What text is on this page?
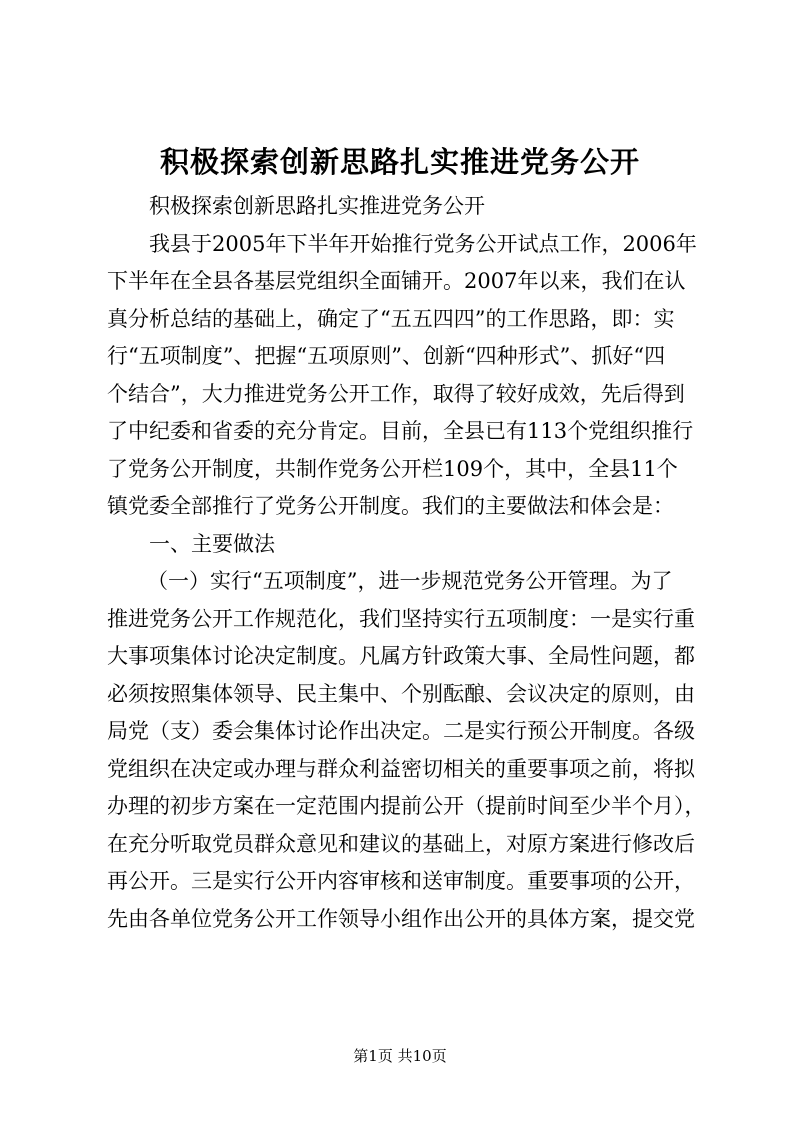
积极探索创新思路扎实推进党务公开
积极探索创新思路扎实推进党务公开
我县于2005年下半年开始推行党务公开试点工作，2006年
下半年在全县各基层党组织全面铺开。2007年以来，我们在认
真分析总结的基础上，确定了“五五四四”的工作思路，即：实
行“五项制度”、把握“五项原则”、创新“四种形式”、抓好“四
个结合”，大力推进党务公开工作，取得了较好成效，先后得到
了中纪委和省委的充分肯定。目前，全县已有113个党组织推行
了党务公开制度，共制作党务公开栏109个，其中，全县11个
镇党委全部推行了党务公开制度。我们的主要做法和体会是：
一、主要做法
（一）实行“五项制度”，进一步规范党务公开管理。为了
推进党务公开工作规范化，我们坚持实行五项制度：一是实行重
大事项集体讨论决定制度。凡属方针政策大事、全局性问题，都
必须按照集体领导、民主集中、个别酝酿、会议决定的原则，由
局党（支）委会集体讨论作出决定。二是实行预公开制度。各级
党组织在决定或办理与群众利益密切相关的重要事项之前，将拟
办理的初步方案在一定范围内提前公开（提前时间至少半个月），
在充分听取党员群众意见和建议的基础上，对原方案进行修改后
再公开。三是实行公开内容审核和送审制度。重要事项的公开，
先由各单位党务公开工作领导小组作出公开的具体方案，提交党
第1页 共10页
